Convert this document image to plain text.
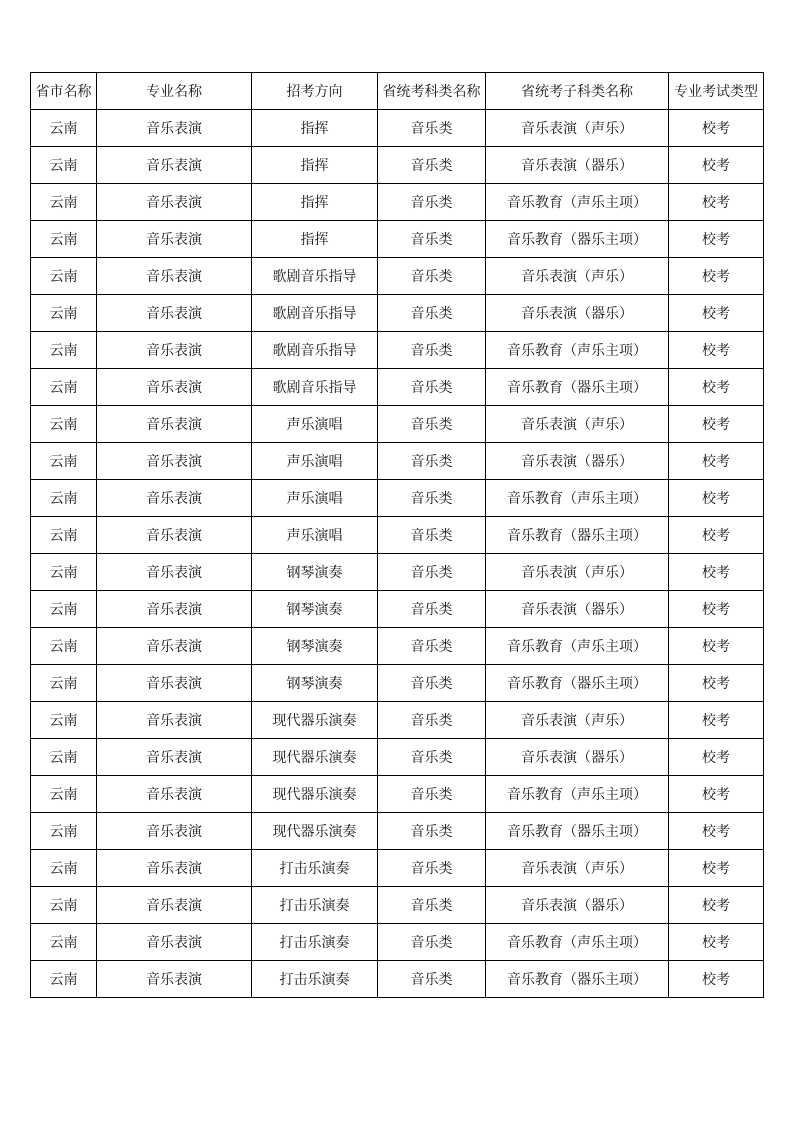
省市名称	专业名称	招考方向	省统考科类名称	省统考子科类名称	专业考试类型
云南	音乐表演	指挥	音乐类	音乐表演（声乐）	校考
云南	音乐表演	指挥	音乐类	音乐表演（器乐）	校考
云南	音乐表演	指挥	音乐类	音乐教育（声乐主项）	校考
云南	音乐表演	指挥	音乐类	音乐教育（器乐主项）	校考
云南	音乐表演	歌剧音乐指导	音乐类	音乐表演（声乐）	校考
云南	音乐表演	歌剧音乐指导	音乐类	音乐表演（器乐）	校考
云南	音乐表演	歌剧音乐指导	音乐类	音乐教育（声乐主项）	校考
云南	音乐表演	歌剧音乐指导	音乐类	音乐教育（器乐主项）	校考
云南	音乐表演	声乐演唱	音乐类	音乐表演（声乐）	校考
云南	音乐表演	声乐演唱	音乐类	音乐表演（器乐）	校考
云南	音乐表演	声乐演唱	音乐类	音乐教育（声乐主项）	校考
云南	音乐表演	声乐演唱	音乐类	音乐教育（器乐主项）	校考
云南	音乐表演	钢琴演奏	音乐类	音乐表演（声乐）	校考
云南	音乐表演	钢琴演奏	音乐类	音乐表演（器乐）	校考
云南	音乐表演	钢琴演奏	音乐类	音乐教育（声乐主项）	校考
云南	音乐表演	钢琴演奏	音乐类	音乐教育（器乐主项）	校考
云南	音乐表演	现代器乐演奏	音乐类	音乐表演（声乐）	校考
云南	音乐表演	现代器乐演奏	音乐类	音乐表演（器乐）	校考
云南	音乐表演	现代器乐演奏	音乐类	音乐教育（声乐主项）	校考
云南	音乐表演	现代器乐演奏	音乐类	音乐教育（器乐主项）	校考
云南	音乐表演	打击乐演奏	音乐类	音乐表演（声乐）	校考
云南	音乐表演	打击乐演奏	音乐类	音乐表演（器乐）	校考
云南	音乐表演	打击乐演奏	音乐类	音乐教育（声乐主项）	校考
云南	音乐表演	打击乐演奏	音乐类	音乐教育（器乐主项）	校考
